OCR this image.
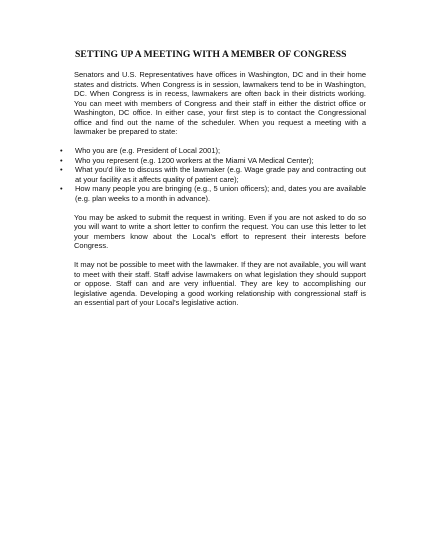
SETTING UP A MEETING WITH A MEMBER OF CONGRESS

Senators and U.S. Representatives have offices in Washington, DC and in their home states and districts. When Congress is in session, lawmakers tend to be in Washington, DC. When Congress is in recess, lawmakers are often back in their districts working. You can meet with members of Congress and their staff in either the district office or Washington, DC office. In either case, your first step is to contact the Congressional office and find out the name of the scheduler. When you request a meeting with a lawmaker be prepared to state:

• Who you are (e.g. President of Local 2001);
• Who you represent (e.g. 1200 workers at the Miami VA Medical Center);
• What you’d like to discuss with the lawmaker (e.g. Wage grade pay and contracting out at your facility as it affects quality of patient care);
• How many people you are bringing (e.g., 5 union officers); and, dates you are available (e.g. plan weeks to a month in advance).

You may be asked to submit the request in writing. Even if you are not asked to do so you will want to write a short letter to confirm the request. You can use this letter to let your members know about the Local’s effort to represent their interests before Congress.

It may not be possible to meet with the lawmaker. If they are not available, you will want to meet with their staff. Staff advise lawmakers on what legislation they should support or oppose. Staff can and are very influential. They are key to accomplishing our legislative agenda. Developing a good working relationship with congressional staff is an essential part of your Local’s legislative action.
